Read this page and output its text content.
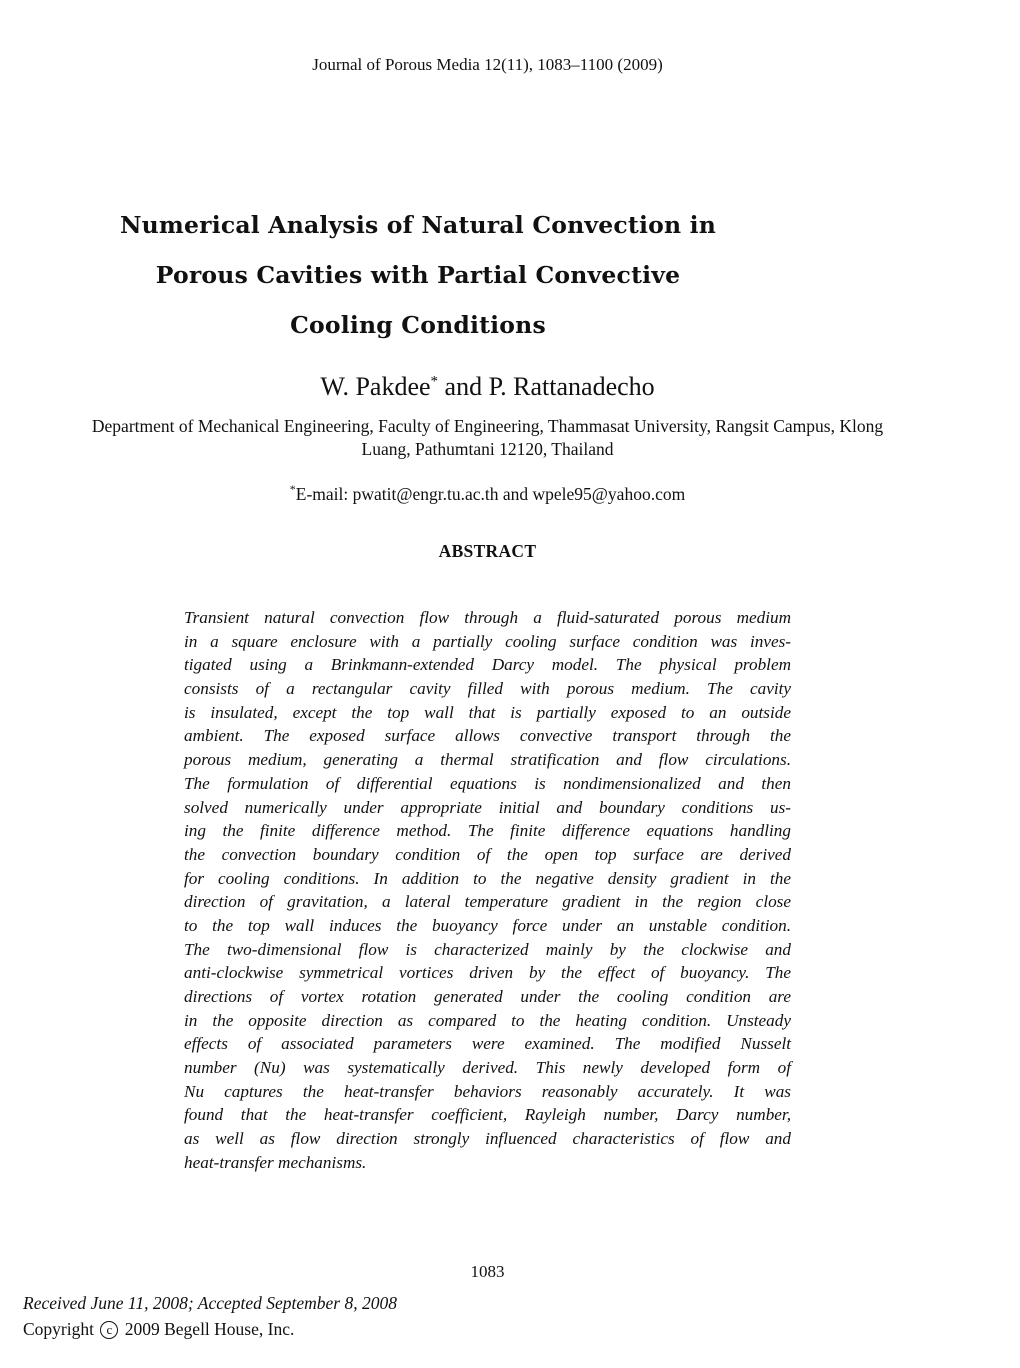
Journal of Porous Media 12(11), 1083–1100 (2009)
Numerical Analysis of Natural Convection in
Porous Cavities with Partial Convective
Cooling Conditions
W. Pakdee* and P. Rattanadecho
Department of Mechanical Engineering, Faculty of Engineering, Thammasat University, Rangsit Campus, Klong
Luang, Pathumtani 12120, Thailand
*E-mail: pwatit@engr.tu.ac.th and wpele95@yahoo.com
ABSTRACT
Transient natural convection flow through a fluid-saturated porous medium
in a square enclosure with a partially cooling surface condition was inves-
tigated using a Brinkmann-extended Darcy model. The physical problem
consists of a rectangular cavity filled with porous medium. The cavity
is insulated, except the top wall that is partially exposed to an outside
ambient. The exposed surface allows convective transport through the
porous medium, generating a thermal stratification and flow circulations.
The formulation of differential equations is nondimensionalized and then
solved numerically under appropriate initial and boundary conditions us-
ing the finite difference method. The finite difference equations handling
the convection boundary condition of the open top surface are derived
for cooling conditions. In addition to the negative density gradient in the
direction of gravitation, a lateral temperature gradient in the region close
to the top wall induces the buoyancy force under an unstable condition.
The two-dimensional flow is characterized mainly by the clockwise and
anti-clockwise symmetrical vortices driven by the effect of buoyancy. The
directions of vortex rotation generated under the cooling condition are
in the opposite direction as compared to the heating condition. Unsteady
effects of associated parameters were examined. The modified Nusselt
number (Nu) was systematically derived. This newly developed form of
Nu captures the heat-transfer behaviors reasonably accurately. It was
found that the heat-transfer coefficient, Rayleigh number, Darcy number,
as well as flow direction strongly influenced characteristics of flow and
heat-transfer mechanisms.
1083
Received June 11, 2008; Accepted September 8, 2008
Copyright c 2009 Begell House, Inc.
